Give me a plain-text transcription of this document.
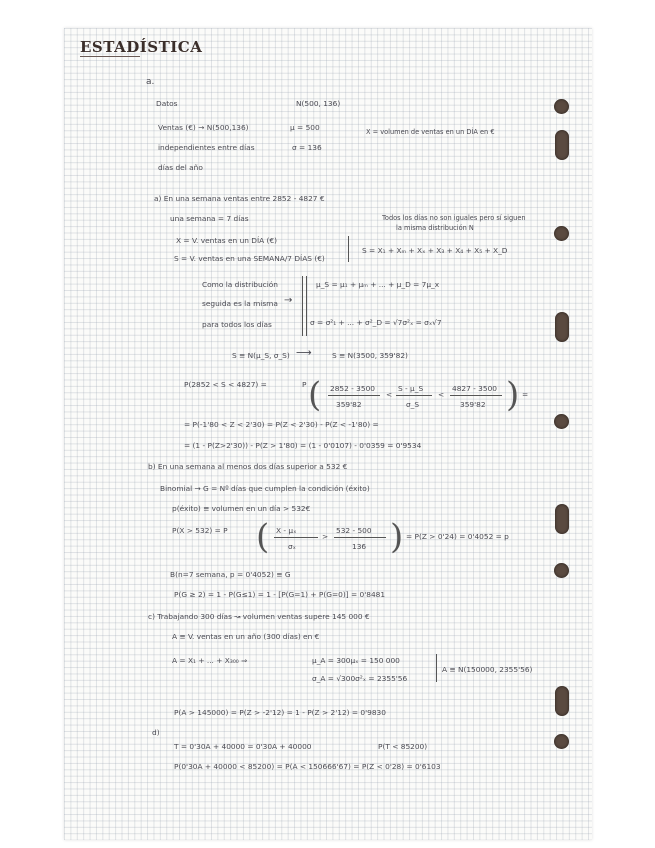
ESTADÍSTICA
a.
Datos	N(500, 136)
Ventas (€) → N(500,136)	μ = 500	X = volumen de ventas en un DÍA en €
independientes entre días	σ = 136
días del año
a) En una semana ventas entre 2852 - 4827 €
una semana = 7 días	Todos los días no son iguales pero sí siguen
la misma distribución N
X = V. ventas en un DÍA (€)
S = V. ventas en una SEMANA/7 DÍAS (€)
S = X₁ + Xₘ + Xₓ + X₃ + X₄ + X₅ + X_D
Como la distribución
seguida es la misma →
para todos los días
μ_S = μ₁ + μₘ + ... + μ_D = 7μ_x
σ = σ²₁ + ... + σ²_D = √7σ²ₓ = σₓ√7
S ≡ N(μ_S, σ_S) ⟶	S ≡ N(3500, 359'82)
P(2852 < S < 4827) =	P ( 2852 - 3500
359'82
<
S - μ_S
σ_S
<
4827 - 3500
359'82 ) =
= P(-1'80 < Z < 2'30) = P(Z < 2'30) - P(Z < -1'80) =
= (1 - P(Z>2'30)) - P(Z > 1'80) = (1 - 0'0107) - 0'0359 = 0'9534
b) En una semana al menos dos días superior a 532 €
Binomial → G = Nº días que cumplen la condición (éxito)
p(éxito) ≡ volumen en un día > 532€
P(X > 532) = P ( X - μₓ
σₓ
>
532 - 500
136 ) = P(Z > 0'24) = 0'4052 = p
B(n=7 semana, p = 0'4052) ≡ G
P(G ≥ 2) = 1 - P(G≤1) = 1 - [P(G=1) + P(G=0)] = 0'8481
c) Trabajando 300 días ↝ volumen ventas supere 145 000 €
A ≡ V. ventas en un año (300 días) en €
A = X₁ + ... + X₃₀₀ ⇒	μ_A = 300μₓ = 150 000
σ_A = √300σ²ₓ = 2355'56
A ≡ N(150000, 2355'56)
P(A > 145000) = P(Z > -2'12) = 1 - P(Z > 2'12) = 0'9830
d)
T = 0'30A + 40000 = 0'30A + 40000	P(T < 85200)
P(0'30A + 40000 < 85200) = P(A < 150666'67) = P(Z < 0'28) = 0'6103
